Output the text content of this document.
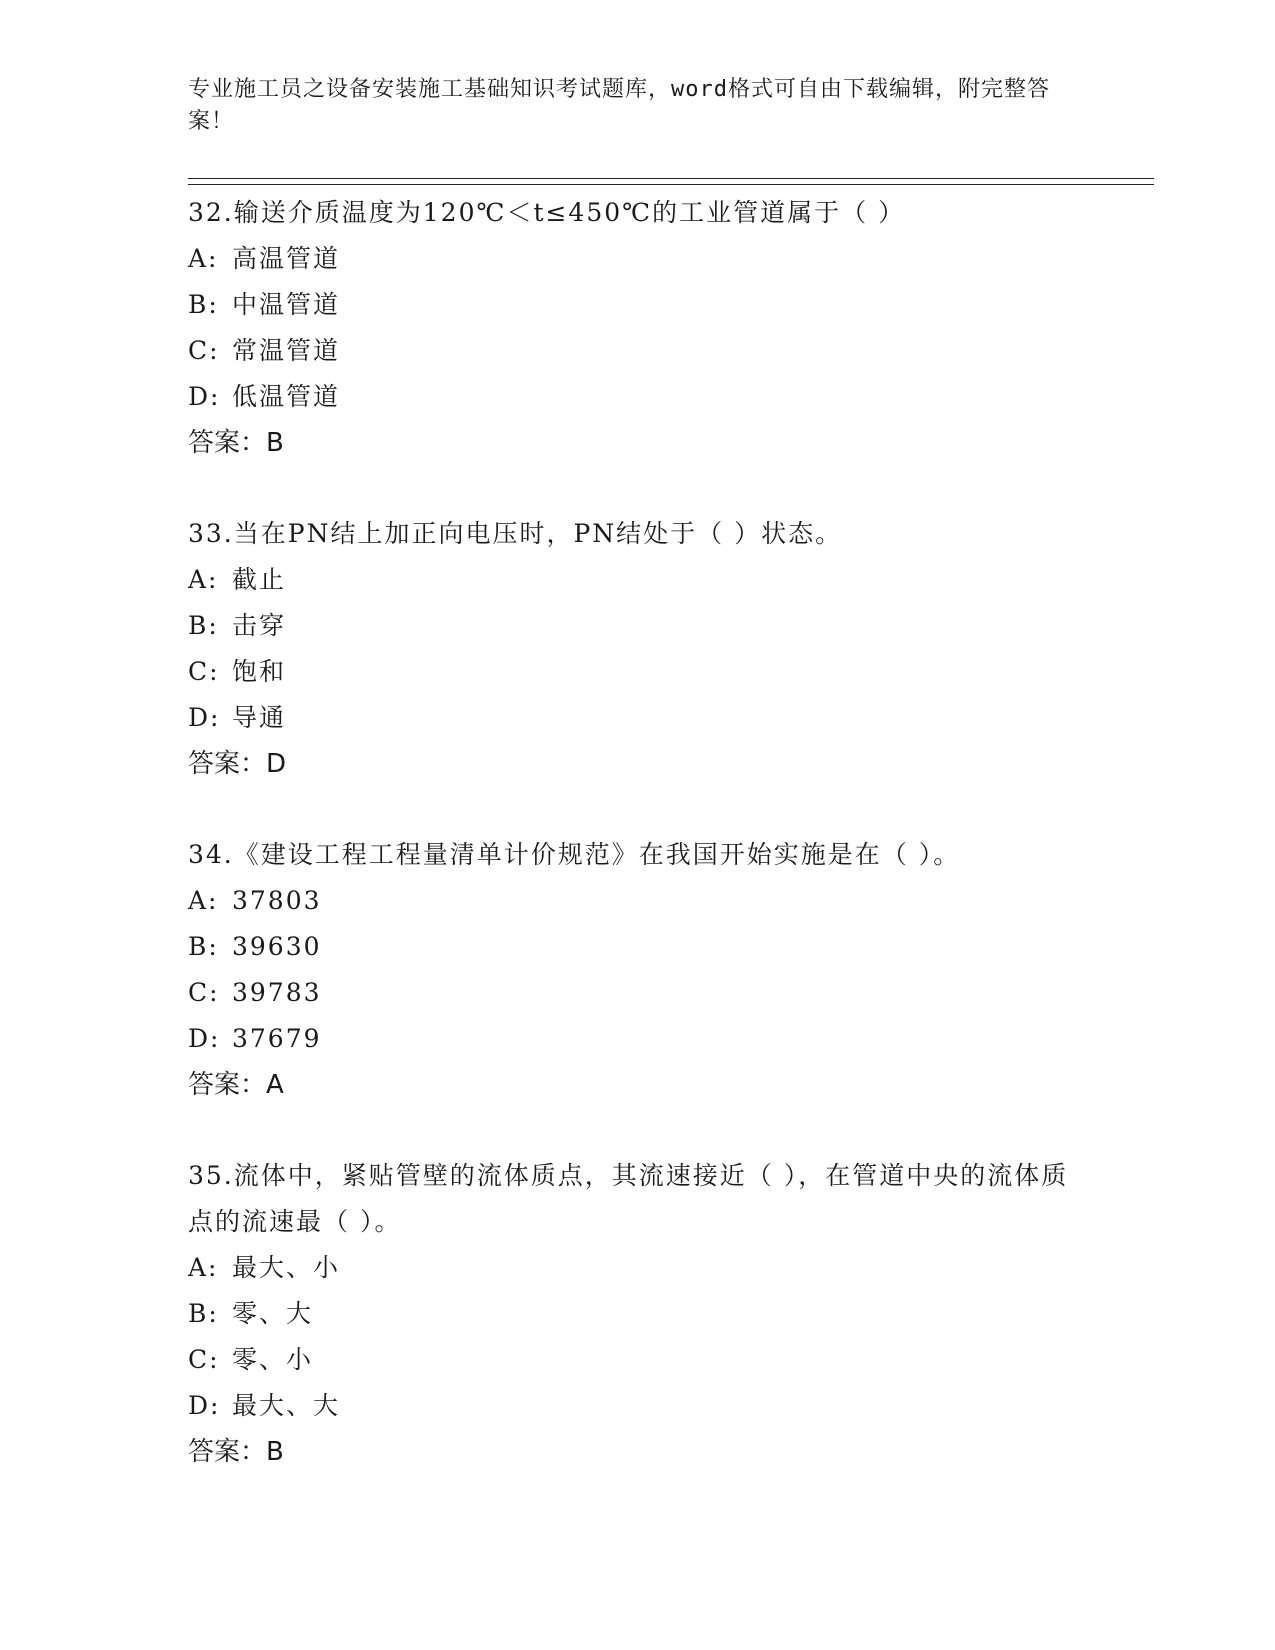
专业施工员之设备安装施工基础知识考试题库，word格式可自由下载编辑，附完整答案！
32.输送介质温度为120℃＜t≤450℃的工业管道属于（ ）
A: 高温管道
B: 中温管道
C: 常温管道
D: 低温管道
答案：B
33.当在PN结上加正向电压时，PN结处于（ ）状态。
A: 截止
B: 击穿
C: 饱和
D: 导通
答案：D
34.《建设工程工程量清单计价规范》在我国开始实施是在（ ）。
A: 37803
B: 39630
C: 39783
D: 37679
答案：A
35.流体中，紧贴管壁的流体质点，其流速接近（ ），在管道中央的流体质点的流速最（ ）。
A: 最大、小
B: 零、大
C: 零、小
D: 最大、大
答案：B
